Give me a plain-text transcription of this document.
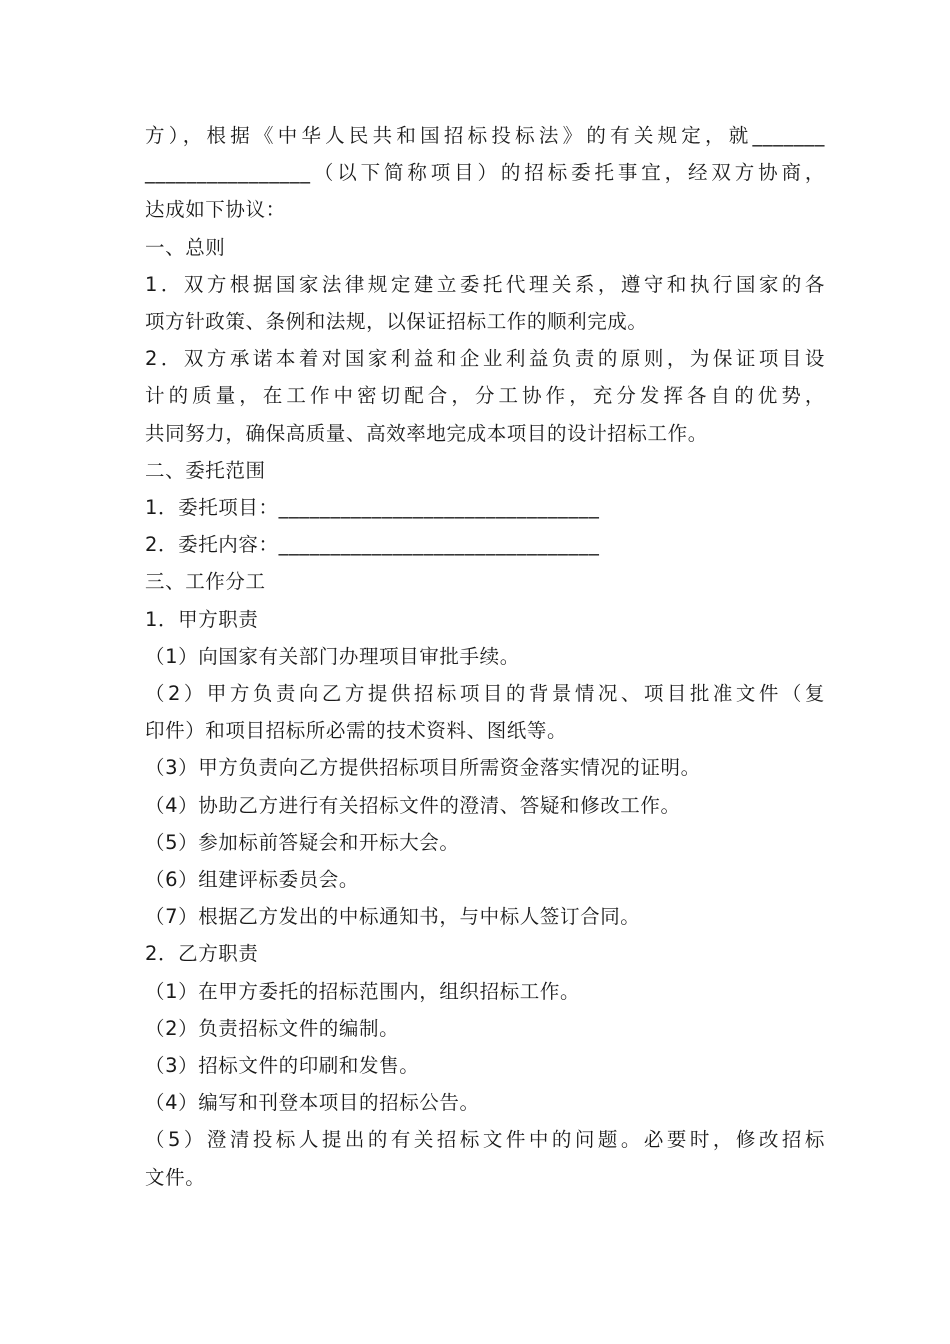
方），根据《中华人民共和国招标投标法》的有关规定，就_______
________________（以下简称项目）的招标委托事宜，经双方协商，
达成如下协议：
一、总则
1．双方根据国家法律规定建立委托代理关系，遵守和执行国家的各
项方针政策、条例和法规，以保证招标工作的顺利完成。
2．双方承诺本着对国家利益和企业利益负责的原则，为保证项目设
计的质量，在工作中密切配合，分工协作，充分发挥各自的优势，
共同努力，确保高质量、高效率地完成本项目的设计招标工作。
二、委托范围
1．委托项目：_______________________________
2．委托内容：_______________________________
三、工作分工
1．甲方职责
（1）向国家有关部门办理项目审批手续。
（2）甲方负责向乙方提供招标项目的背景情况、项目批准文件（复
印件）和项目招标所必需的技术资料、图纸等。
（3）甲方负责向乙方提供招标项目所需资金落实情况的证明。
（4）协助乙方进行有关招标文件的澄清、答疑和修改工作。
（5）参加标前答疑会和开标大会。
（6）组建评标委员会。
（7）根据乙方发出的中标通知书，与中标人签订合同。
2．乙方职责
（1）在甲方委托的招标范围内，组织招标工作。
（2）负责招标文件的编制。
（3）招标文件的印刷和发售。
（4）编写和刊登本项目的招标公告。
（5）澄清投标人提出的有关招标文件中的问题。必要时，修改招标
文件。
